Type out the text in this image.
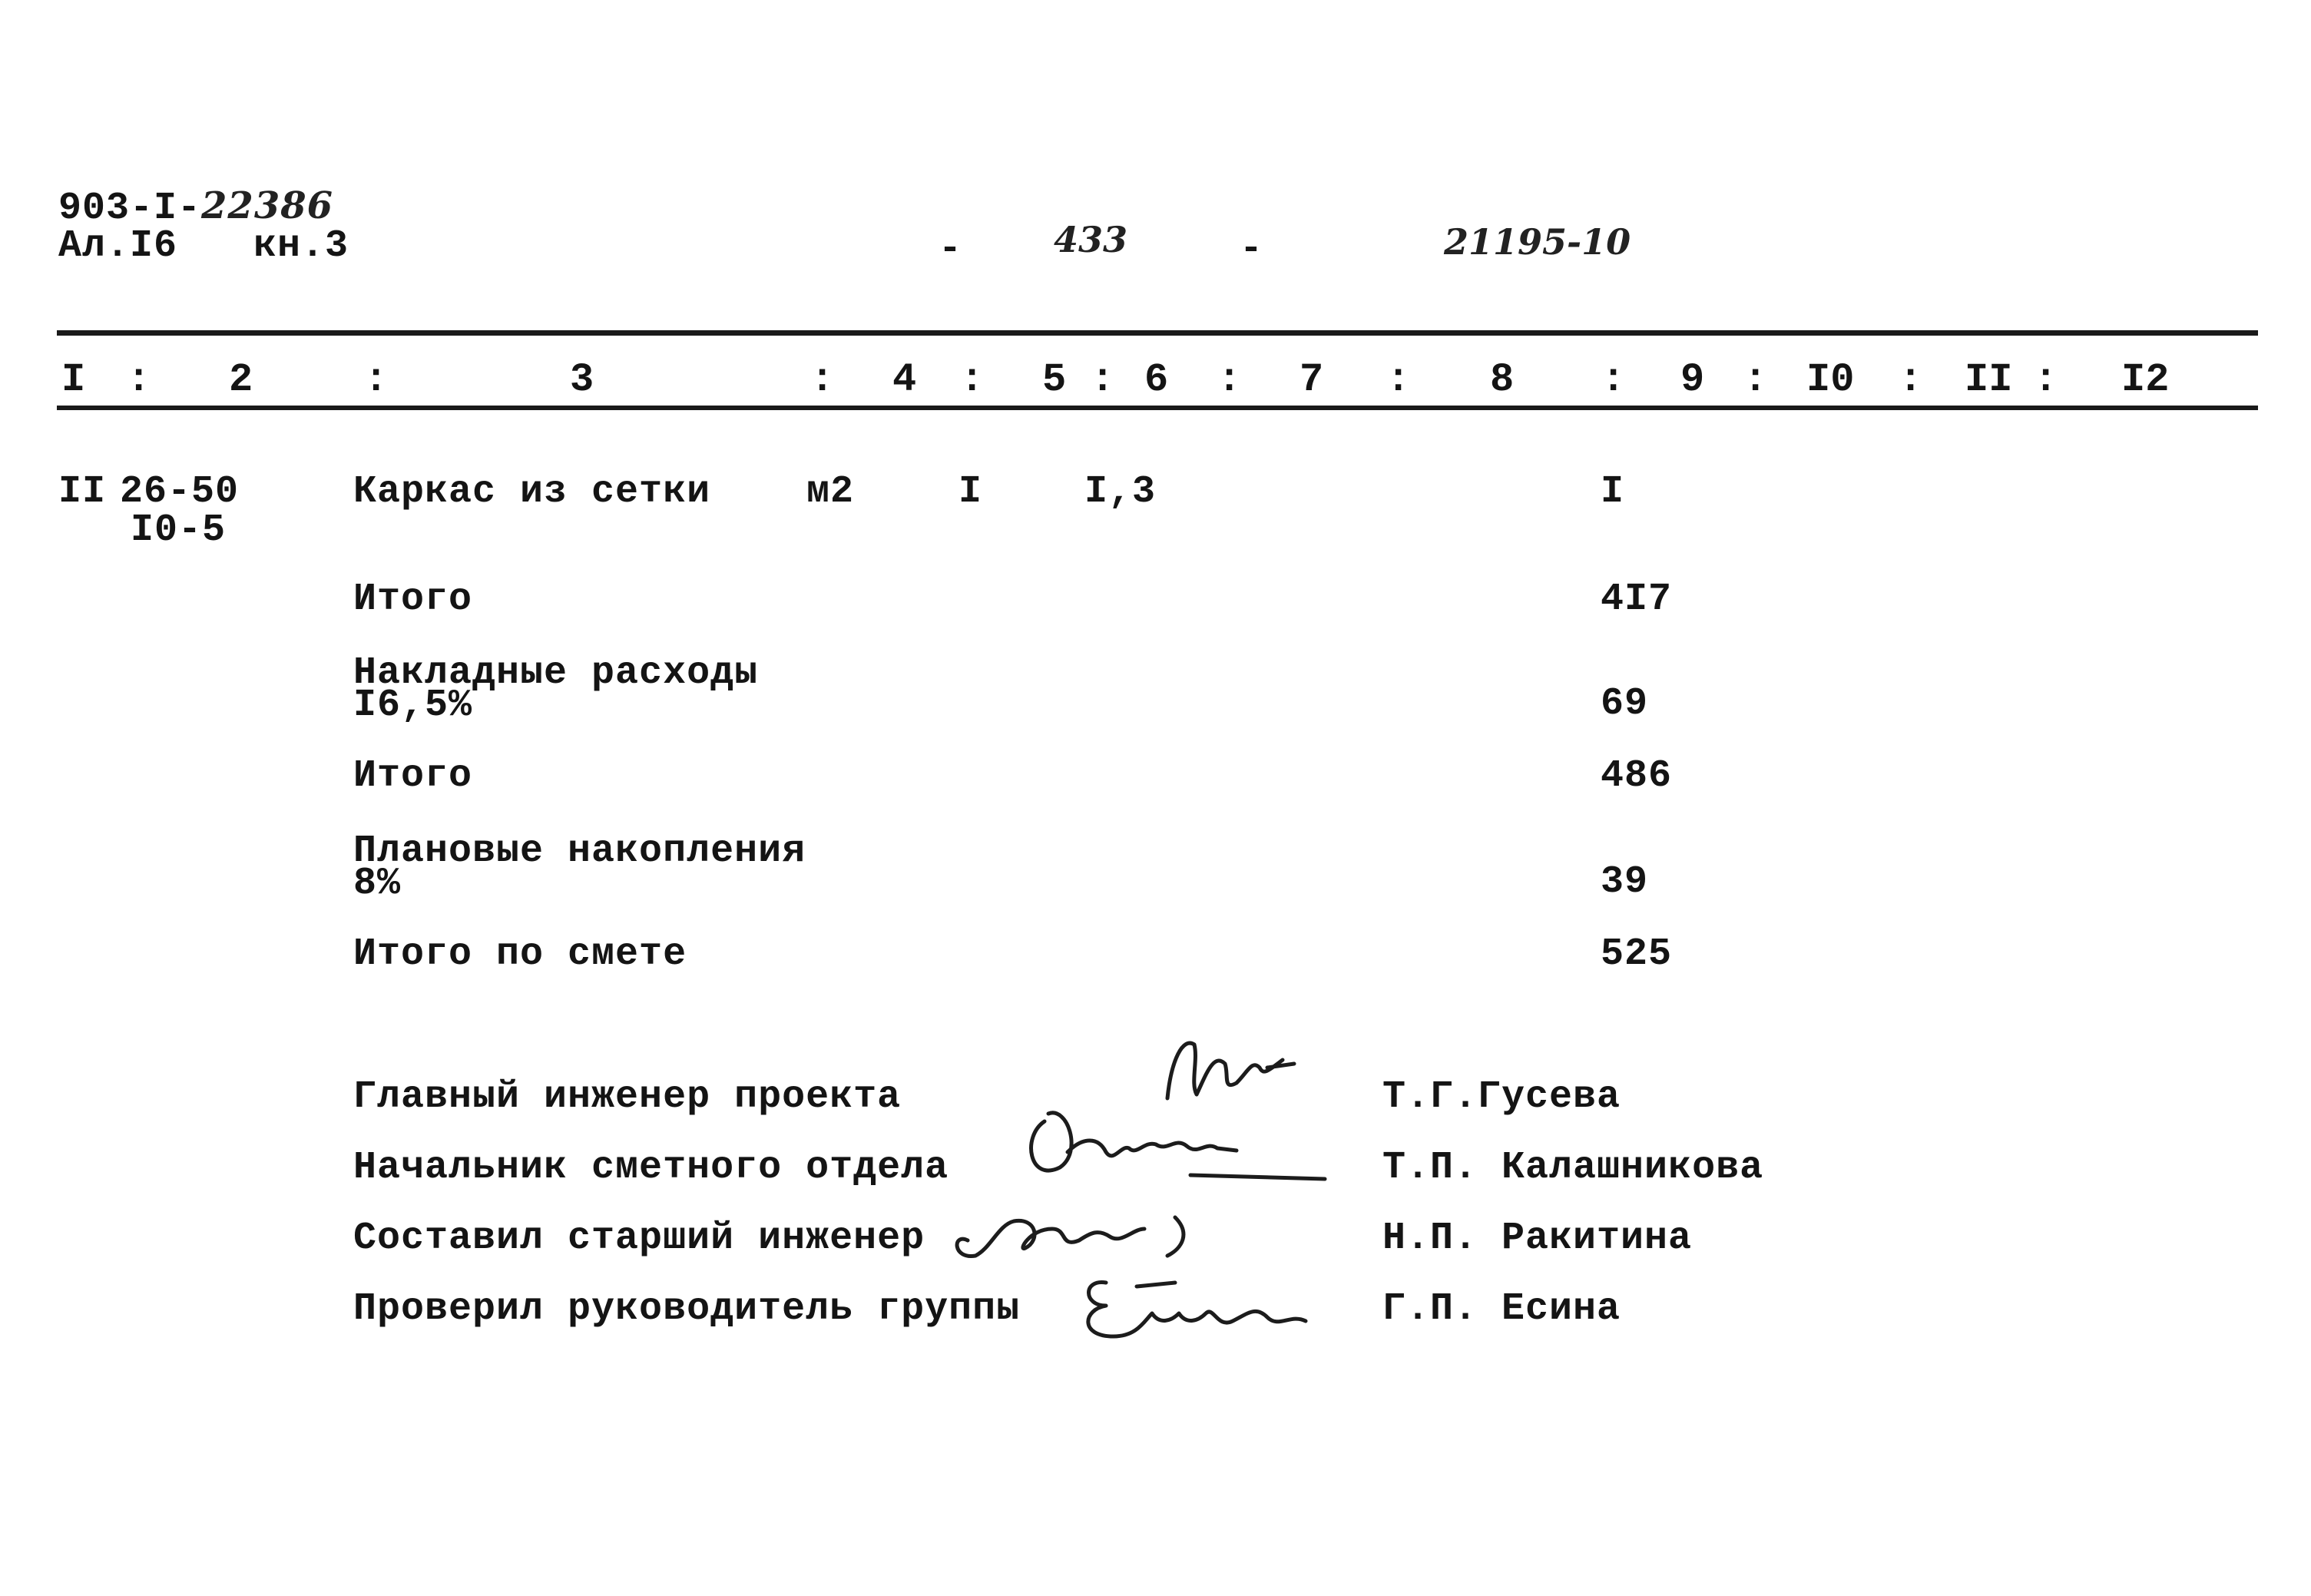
903-I-22386
Ал.I6 кн.3	-	433	-	21195-10
I : 2	:	3	: 4 : 5 : 6 : 7 : 8 : 9 : I0 : II : I2
II 26-50
I0-5
Каркас из сетки м2	I	I,3	I
Итого	4I7
Накладные расходы
I6,5%	69
Итого	486
Плановые накопления
8%	39
Итого по смете	525
Главный инженер проекта	Т.Г.Гусева
Начальник сметного отдела	Т.П. Калашникова
Составил старший инженер	Н.П. Ракитина
Проверил руководитель группы	Г.П. Есина
